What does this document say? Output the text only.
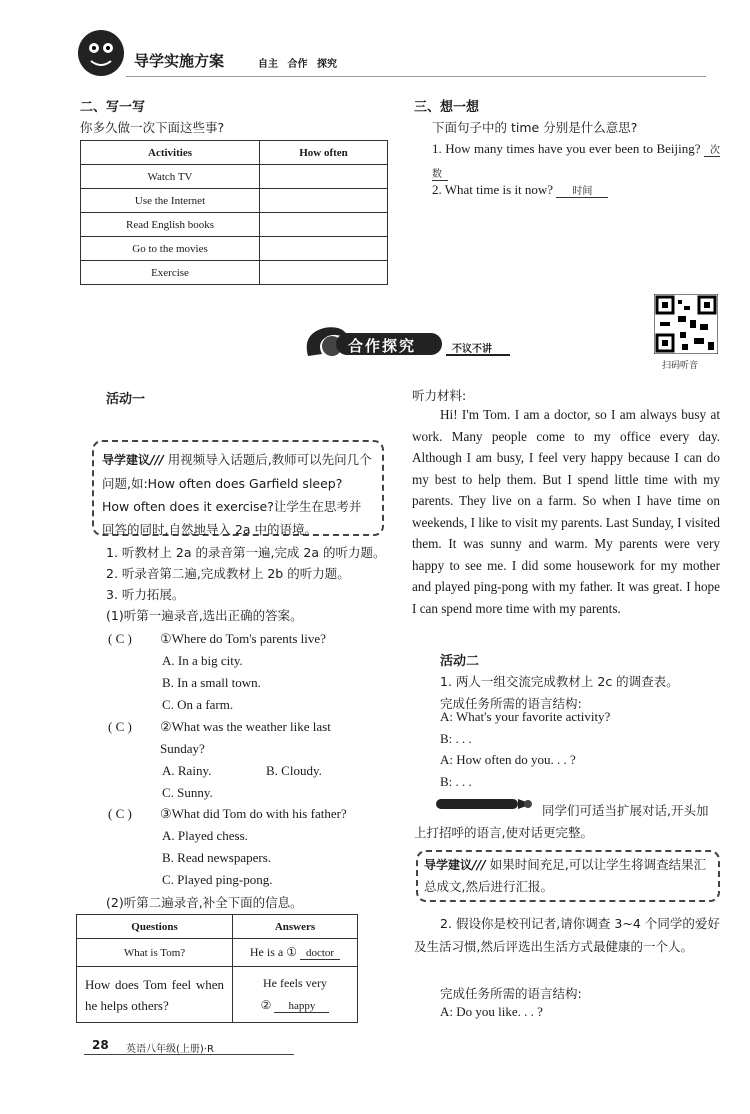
导学实施方案	自主 合作 探究
二、写一写
你多久做一次下面这些事?
Activities	How often
Watch TV	
Use the Internet	
Read English books	
Go to the movies	
Exercise	
三、想一想
下面句子中的 time 分别是什么意思?
1. How many times have you ever been to Beijing? 次数
2. What time is it now? 时间
扫码听音
合作探究	不议不讲
活动一
导学建议/// 用视频导入话题后,教师可以先问几个问题,如:How often does Garfield sleep? How often does it exercise?让学生在思考并回答的同时,自然地导入 2a 中的语境。
1. 听教材上 2a 的录音第一遍,完成 2a 的听力题。
2. 听录音第二遍,完成教材上 2b 的听力题。
3. 听力拓展。
(1)听第一遍录音,选出正确的答案。
( C ) ①Where do Tom's parents live?
A. In a big city.
B. In a small town.
C. On a farm.
( C )	②What was the weather like last Sunday?
A. Rainy.	B. Cloudy.
C. Sunny.
( C ) ③What did Tom do with his father?
A. Played chess.
B. Read newspapers.
C. Played ping-pong.
(2)听第二遍录音,补全下面的信息。
Questions	Answers
What is Tom?	He is a ① doctor
How does Tom feel when he helps others?	He feels very
② happy
听力材料:

Hi! I'm Tom. I am a doctor, so I am always busy at work. Many people come to my office every day. Although I am busy, I feel very happy because I can do my best to help them. But I spend little time with my parents. They live on a farm. So when I have time on weekends, I like to visit my parents. Last Sunday, I visited them. It was sunny and warm. My parents were very happy to see me. I did some housework for my mother and played ping-pong with my father. It was great. I hope I can spend more time with my parents.

活动二
1. 两人一组交流完成教材上 2c 的调查表。
完成任务所需的语言结构:
A: What's your favorite activity?
B: . . .
A: How often do you. . . ?
B: . . .
同学们可适当扩展对话,开头加上打招呼的语言,使对话更完整。
导学建议/// 如果时间充足,可以让学生将调查结果汇总成文,然后进行汇报。
2. 假设你是校刊记者,请你调查 3~4 个同学的爱好及生活习惯,然后评选出生活方式最健康的一个人。
完成任务所需的语言结构:
A: Do you like. . . ?
28 英语八年级(上册)·R
